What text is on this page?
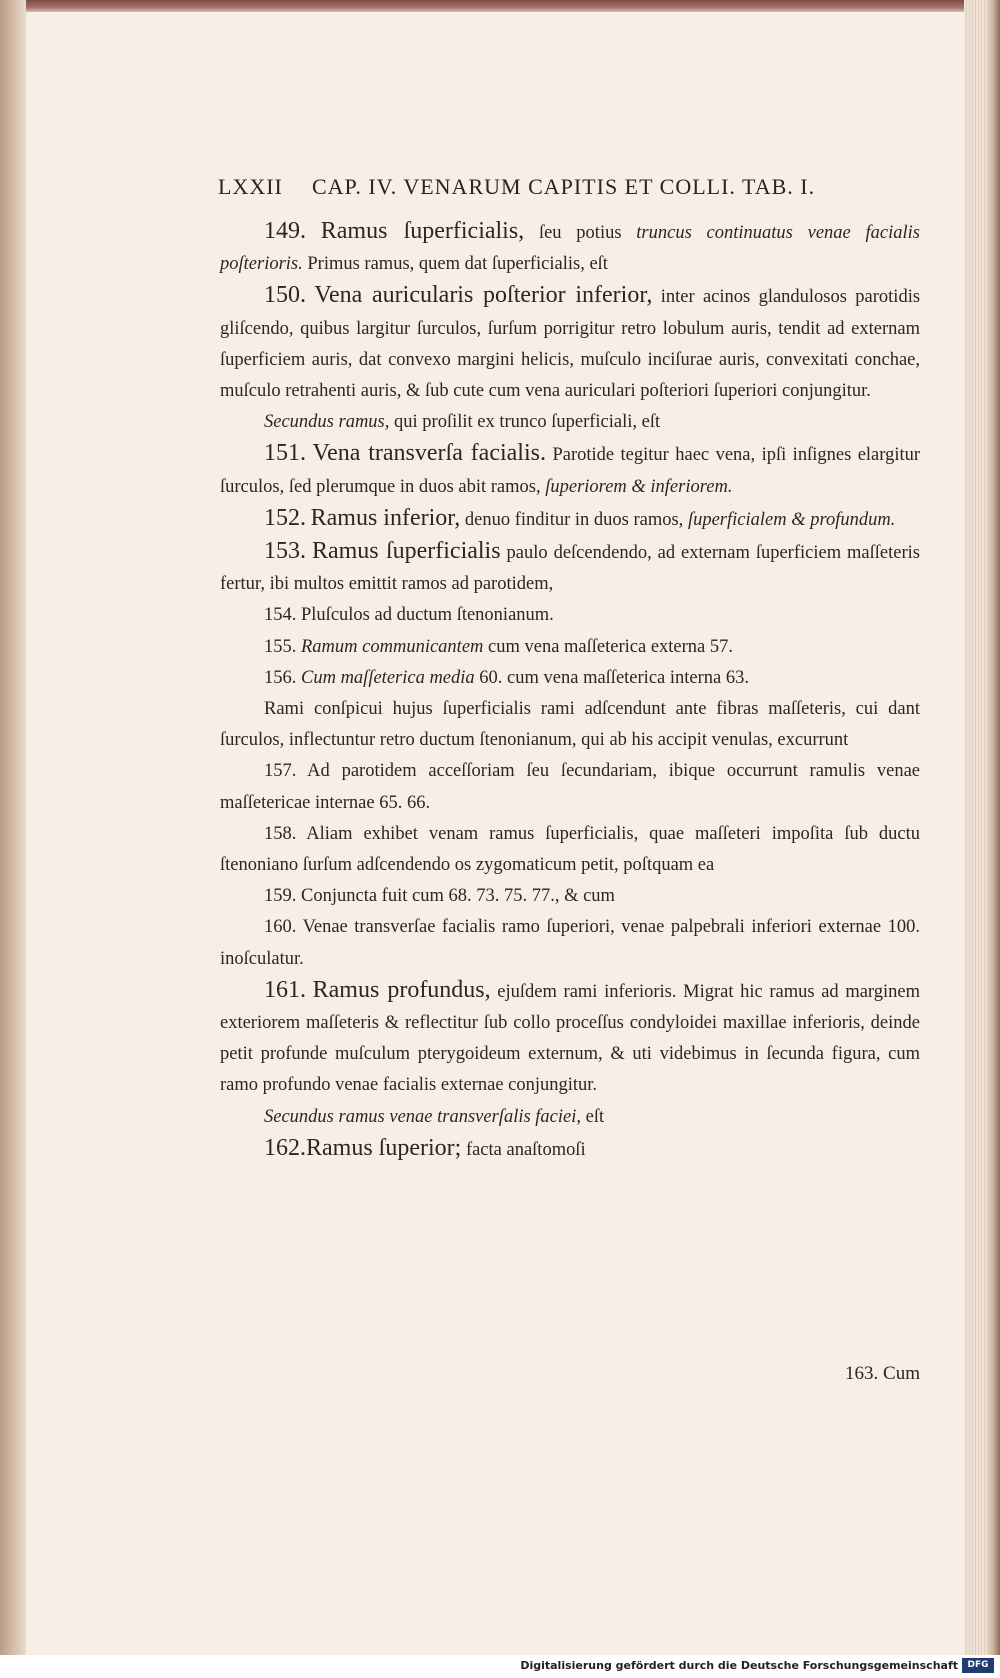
LXXII CAP. IV. VENARUM CAPITIS ET COLLI. TAB. I.

149. Ramus ſuperficialis, ſeu potius truncus continuatus venae facialis poſterioris. Primus ramus, quem dat ſuperficialis, eſt

150. Vena auricularis poſterior inferior, inter acinos glandulosos parotidis gliſcendo, quibus largitur ſurculos, ſurſum porrigitur retro lobulum auris, tendit ad externam ſuperficiem auris, dat convexo margini helicis, muſculo inciſurae auris, convexitati conchae, muſculo retrahenti auris, & ſub cute cum vena auriculari poſteriori ſuperiori conjungitur.

Secundus ramus, qui proſilit ex trunco ſuperficiali, eſt

151. Vena transverſa facialis. Parotide tegitur haec vena, ipſi inſignes elargitur ſurculos, ſed plerumque in duos abit ramos, ſuperiorem & inferiorem.

152. Ramus inferior, denuo finditur in duos ramos, ſuperficialem & profundum.

153. Ramus ſuperficialis paulo deſcendendo, ad externam ſuperficiem maſſeteris fertur, ibi multos emittit ramos ad parotidem,

154. Pluſculos ad ductum ſtenonianum.

155. Ramum communicantem cum vena maſſeterica externa 57.

156. Cum maſſeterica media 60. cum vena maſſeterica interna 63.

Rami conſpicui hujus ſuperficialis rami adſcendunt ante fibras maſſeteris, cui dant ſurculos, inflectuntur retro ductum ſtenonianum, qui ab his accipit venulas, excurrunt

157. Ad parotidem acceſſoriam ſeu ſecundariam, ibique occurrunt ramulis venae maſſetericae internae 65. 66.

158. Aliam exhibet venam ramus ſuperficialis, quae maſſeteri impoſita ſub ductu ſtenoniano ſurſum adſcendendo os zygomaticum petit, poſtquam ea

159. Conjuncta fuit cum 68. 73. 75. 77., & cum

160. Venae transverſae facialis ramo ſuperiori, venae palpebrali inferiori externae 100. inoſculatur.

161. Ramus profundus, ejuſdem rami inferioris. Migrat hic ramus ad marginem exteriorem maſſeteris & reflectitur ſub collo proceſſus condyloidei maxillae inferioris, deinde petit profunde muſculum pterygoideum externum, & uti videbimus in ſecunda figura, cum ramo profundo venae facialis externae conjungitur.

Secundus ramus venae transverſalis faciei, eſt

162.Ramus ſuperior; facta anaſtomoſi

163. Cum
Digitalisierung gefördert durch die Deutsche Forschungsgemeinschaft	DFG
